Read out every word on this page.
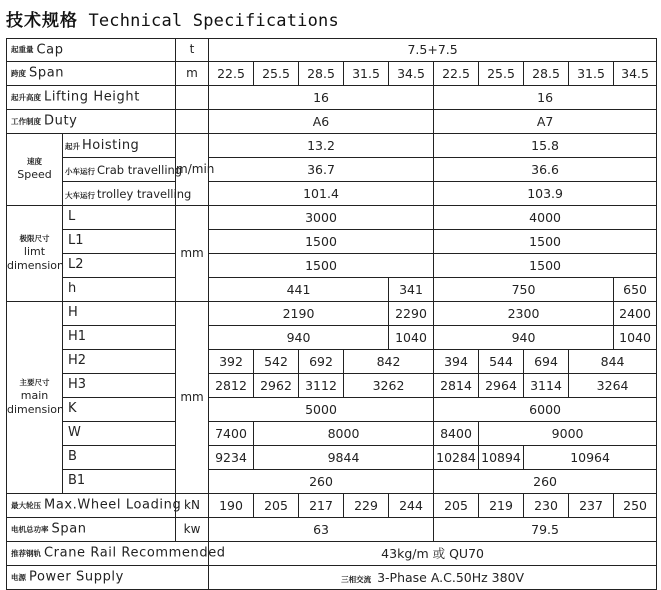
技术规格 Technical Specifications
起重量 Cap		t	7.5+7.5									
跨度 Span		m	22.5	25.5	28.5	31.5	34.5	22.5	25.5	28.5	31.5	34.5
起升高度 Lifting Height			16					16				
工作制度 Duty			A6					A7				

速度
Speed	起升 Hoisting	m/min	13.2					15.8				
	小车运行 Crab travelling		36.7					36.6				
	大车运行 trolley travelling		101.4					103.9				

极限尺寸
limt
dimension	L	mm	3000					4000				
	L1		1500					1500				
	L2		1500					1500				
	h		441				341	750				650

主要尺寸
main
dimension	H	mm	2190				2290	2300				2400
	H1		940				1040	940				1040
	H2		392	542	692	842		394	544	694	844	
	H3		2812	2962	3112	3262		2814	2964	3114	3264	
	K		5000					6000				
	W		7400	8000				8400	9000			
	B		9234	9844				10284	10894	10964		
	B1		260					260				
最大轮压 Max.Wheel Loading		kN	190	205	217	229	244	205	219	230	237	250
电机总功率 Span		kw	63					79.5				
推荐钢轨 Crane Rail Recommended			43kg/m 或 QU70									
电源 Power Supply			三相交流 3-Phase A.C.50Hz 380V									
